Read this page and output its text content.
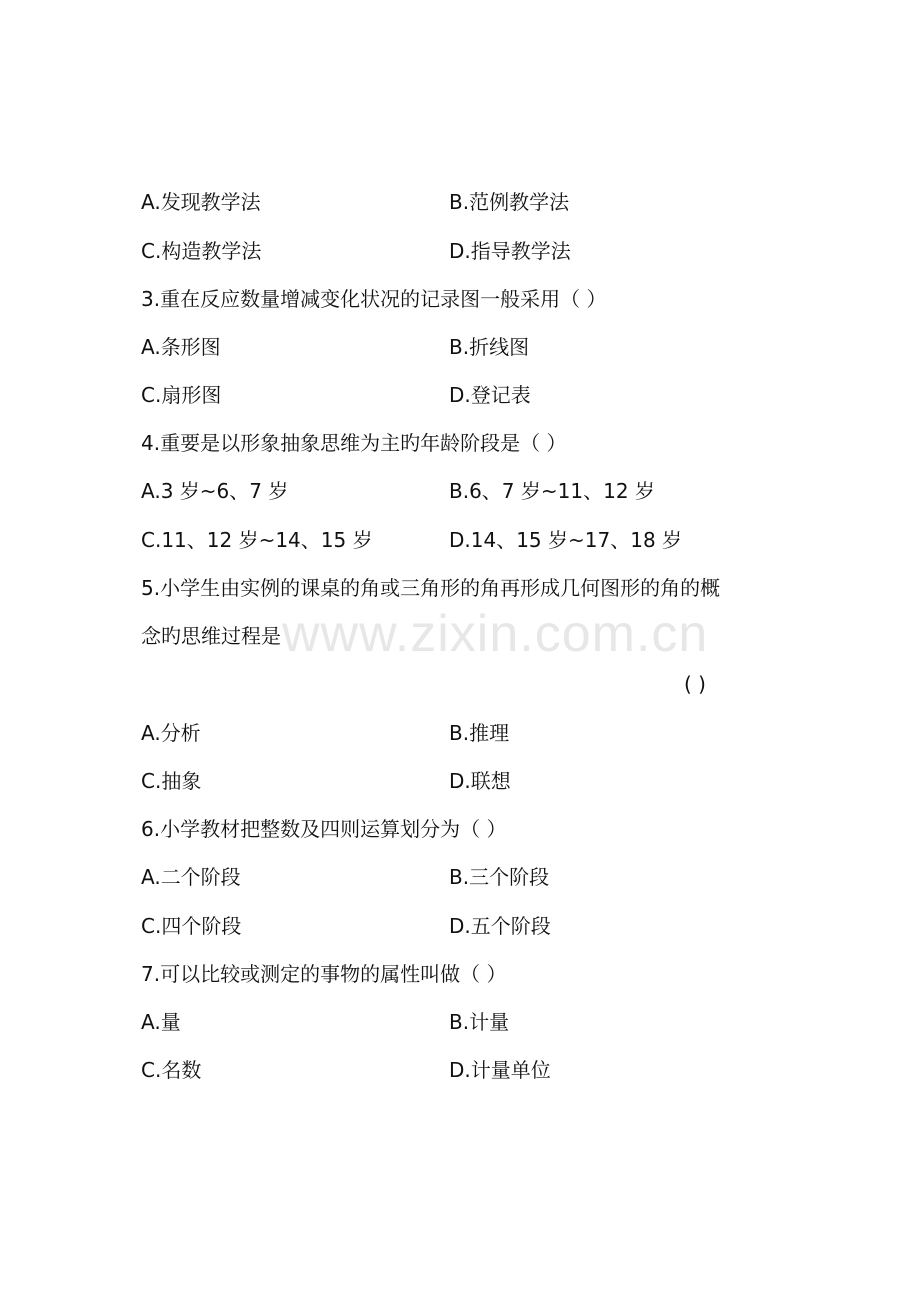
www.zixin.com.cn
A.发现教学法	B.范例教学法
C.构造教学法	D.指导教学法
3.重在反应数量增减变化状况的记录图一般采用（ ）
A.条形图	B.折线图
C.扇形图	D.登记表
4.重要是以形象抽象思维为主旳年龄阶段是（ ）
A.3 岁~6、7 岁	B.6、7 岁~11、12 岁
C.11、12 岁~14、15 岁	D.14、15 岁~17、18 岁
5.小学生由实例的课桌的角或三角形的角再形成几何图形的角的概
念旳思维过程是
( )
A.分析	B.推理
C.抽象	D.联想
6.小学教材把整数及四则运算划分为（ ）
A.二个阶段	B.三个阶段
C.四个阶段	D.五个阶段
7.可以比较或测定的事物的属性叫做（ ）
A.量	B.计量
C.名数	D.计量单位
